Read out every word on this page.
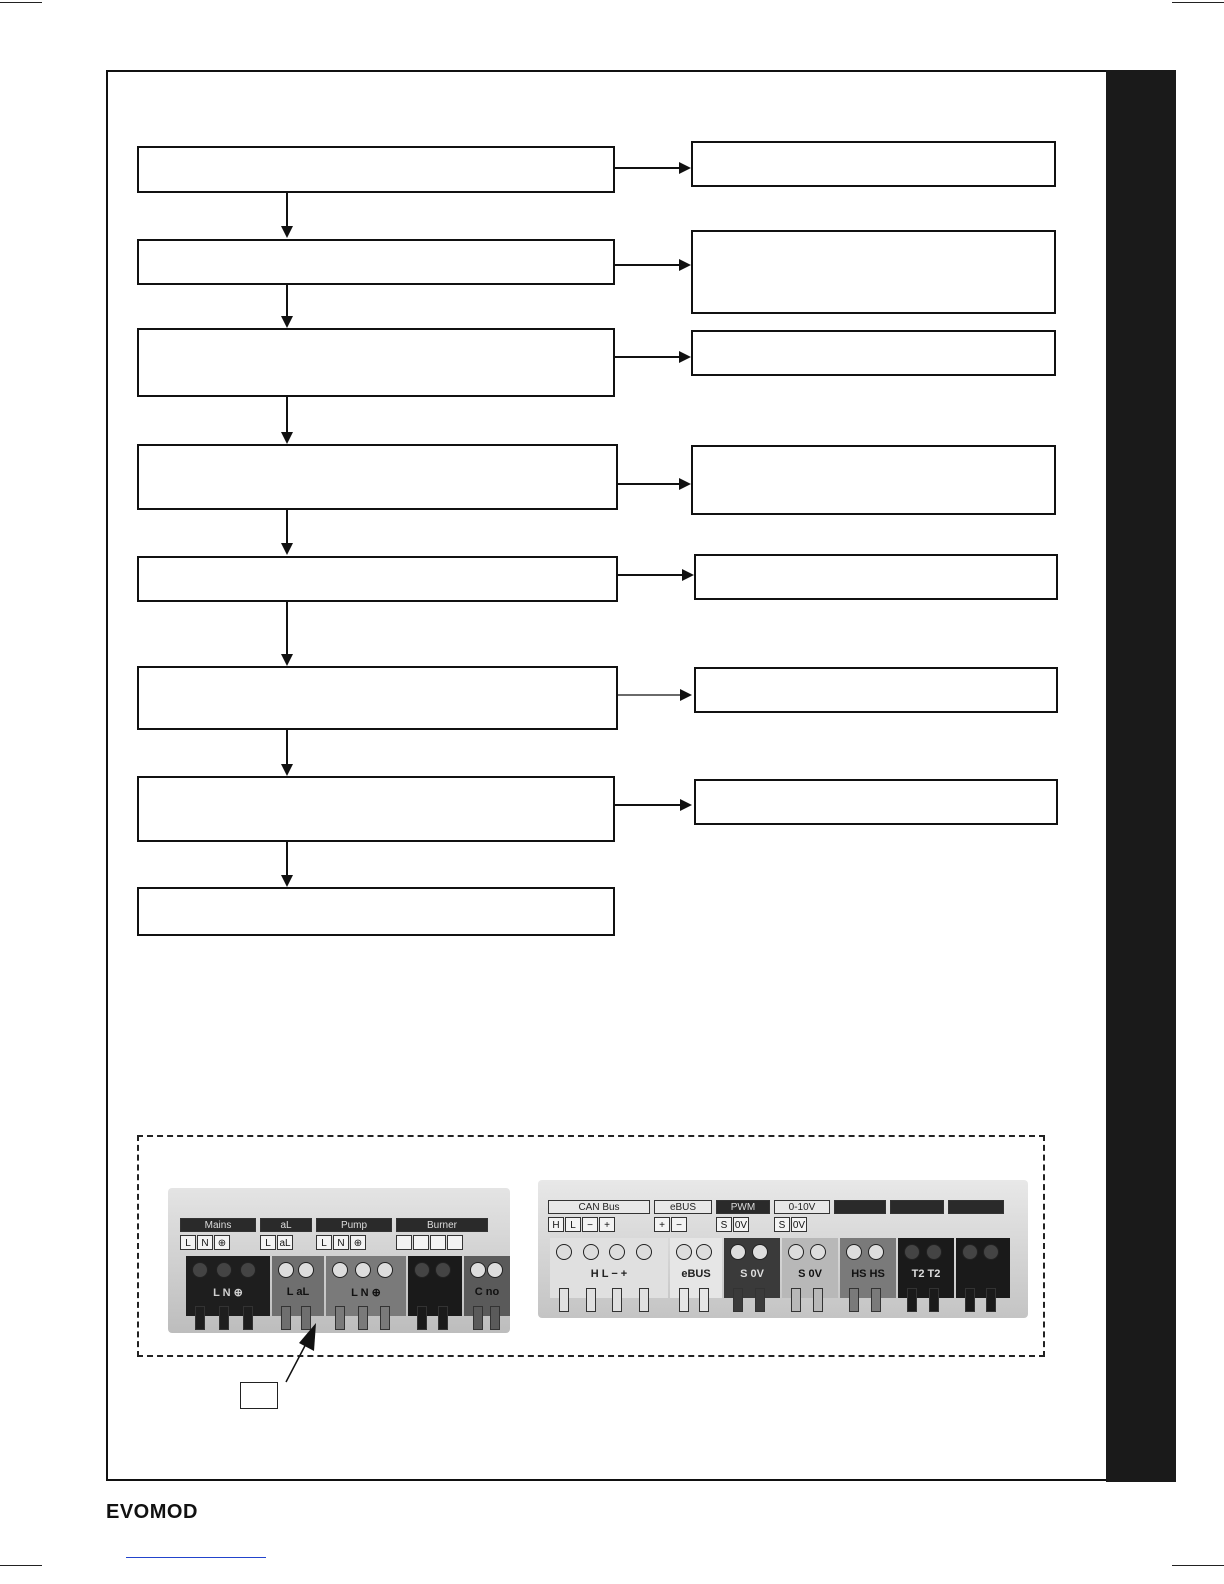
Mains
L	N ⊕
aL
L aL
Pump
L	N ⊕
Burner
L N ⊕	L aL	L N ⊕	C no
CAN Bus
H	L	−	+
eBUS
+	−
PWM
S 0V
0-10V
S 0V
H L − +	eBUS	S 0V	S 0V	HS HS	T2 T2
EVOMOD
